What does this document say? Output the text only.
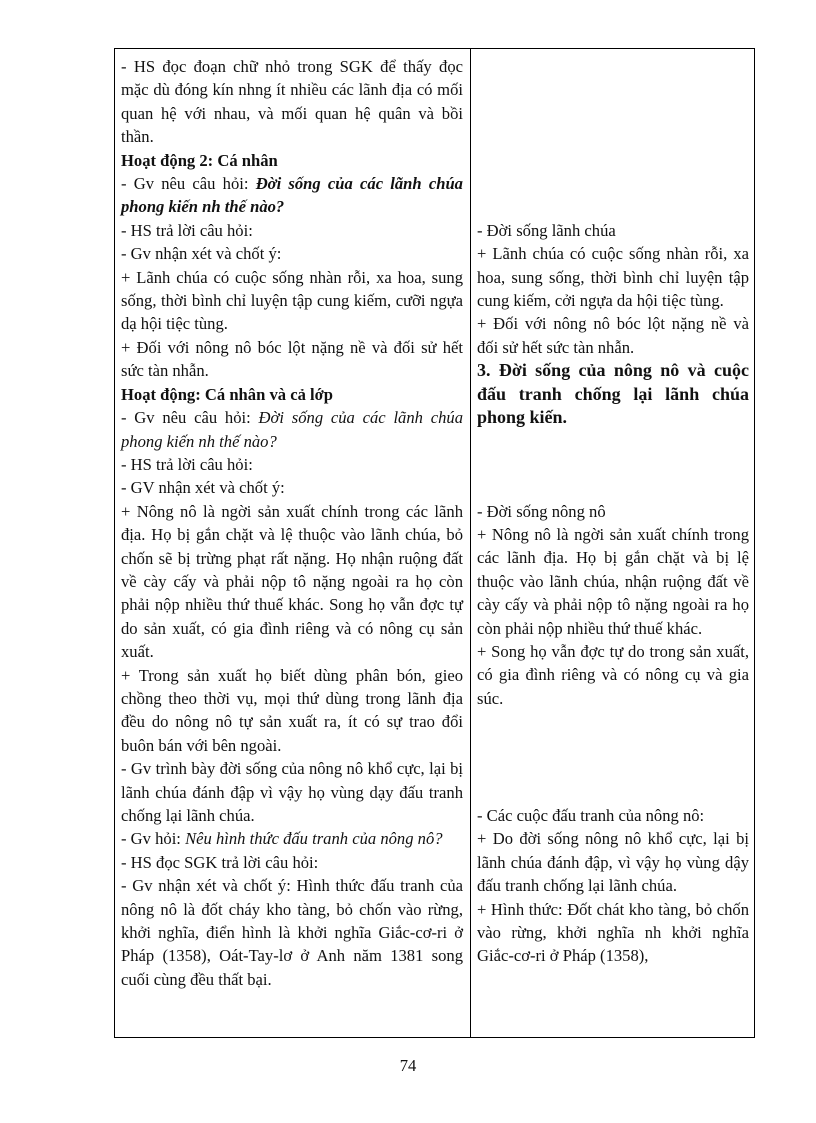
- HS đọc đoạn chữ nhỏ trong SGK để thấy đọc mặc dù đóng kín nhng ít nhiều các lãnh địa có mối quan hệ với nhau, và mối quan hệ quân và bồi thần.

Hoạt động 2: Cá nhân

- Gv nêu câu hỏi: Đời sống của các lãnh chúa phong kiến nh thế nào?

- HS trả lời câu hỏi:

- Gv nhận xét và chốt ý:

+ Lãnh chúa có cuộc sống nhàn rỗi, xa hoa, sung sống, thời bình chỉ luyện tập cung kiếm, cưỡi ngựa dạ hội tiệc tùng.

+ Đối với nông nô bóc lột nặng nề và đối sử hết sức tàn nhẫn.

Hoạt động: Cá nhân và cả lớp

- Gv nêu câu hỏi: Đời sống của các lãnh chúa phong kiến nh thế nào?

- HS trả lời câu hỏi:

- GV nhận xét và chốt ý:

+ Nông nô là ngời sản xuất chính trong các lãnh địa. Họ bị gắn chặt và lệ thuộc vào lãnh chúa, bỏ chốn sẽ bị trừng phạt rất nặng. Họ nhận ruộng đất về cày cấy và phải nộp tô nặng ngoài ra họ còn phải nộp nhiều thứ thuế khác. Song họ vẫn đợc tự do sản xuất, có gia đình riêng và có nông cụ sản xuất.

+ Trong sản xuất họ biết dùng phân bón, gieo chồng theo thời vụ, mọi thứ dùng trong lãnh địa đều do nông nô tự sản xuất ra, ít có sự trao đổi buôn bán với bên ngoài.

- Gv trình bày đời sống của nông nô khổ cực, lại bị lãnh chúa đánh đập vì vậy họ vùng dạy đấu tranh chống lại lãnh chúa.

- Gv hỏi: Nêu hình thức đấu tranh của nông nô?

- HS đọc SGK trả lời câu hỏi:

- Gv nhận xét và chốt ý: Hình thức đấu tranh của nông nô là đốt cháy kho tàng, bỏ chốn vào rừng, khởi nghĩa, điển hình là khởi nghĩa Giắc-cơ-ri ở Pháp (1358), Oát-Tay-lơ ở Anh năm 1381 song cuối cùng đều thất bại.

- Đời sống lãnh chúa

+ Lãnh chúa có cuộc sống nhàn rỗi, xa hoa, sung sống, thời bình chỉ luyện tập cung kiếm, cởi ngựa da hội tiệc tùng.

+ Đối với nông nô bóc lột nặng nề và đối sử hết sức tàn nhẫn.

3. Đời sống của nông nô và cuộc đấu tranh chống lại lãnh chúa phong kiến.

- Đời sống nông nô

+ Nông nô là ngời sản xuất chính trong các lãnh địa. Họ bị gắn chặt và bị lệ thuộc vào lãnh chúa, nhận ruộng đất về cày cấy và phải nộp tô nặng ngoài ra họ còn phải nộp nhiều thứ thuế khác.

+ Song họ vẫn đợc tự do trong sản xuất, có gia đình riêng và có nông cụ và gia súc.

- Các cuộc đấu tranh của nông nô:

+ Do đời sống nông nô khổ cực, lại bị lãnh chúa đánh đập, vì vậy họ vùng dậy đấu tranh chống lại lãnh chúa.

+ Hình thức: Đốt chát kho tàng, bỏ chốn vào rừng, khởi nghĩa nh khởi nghĩa Giắc-cơ-ri ở Pháp (1358),

74
